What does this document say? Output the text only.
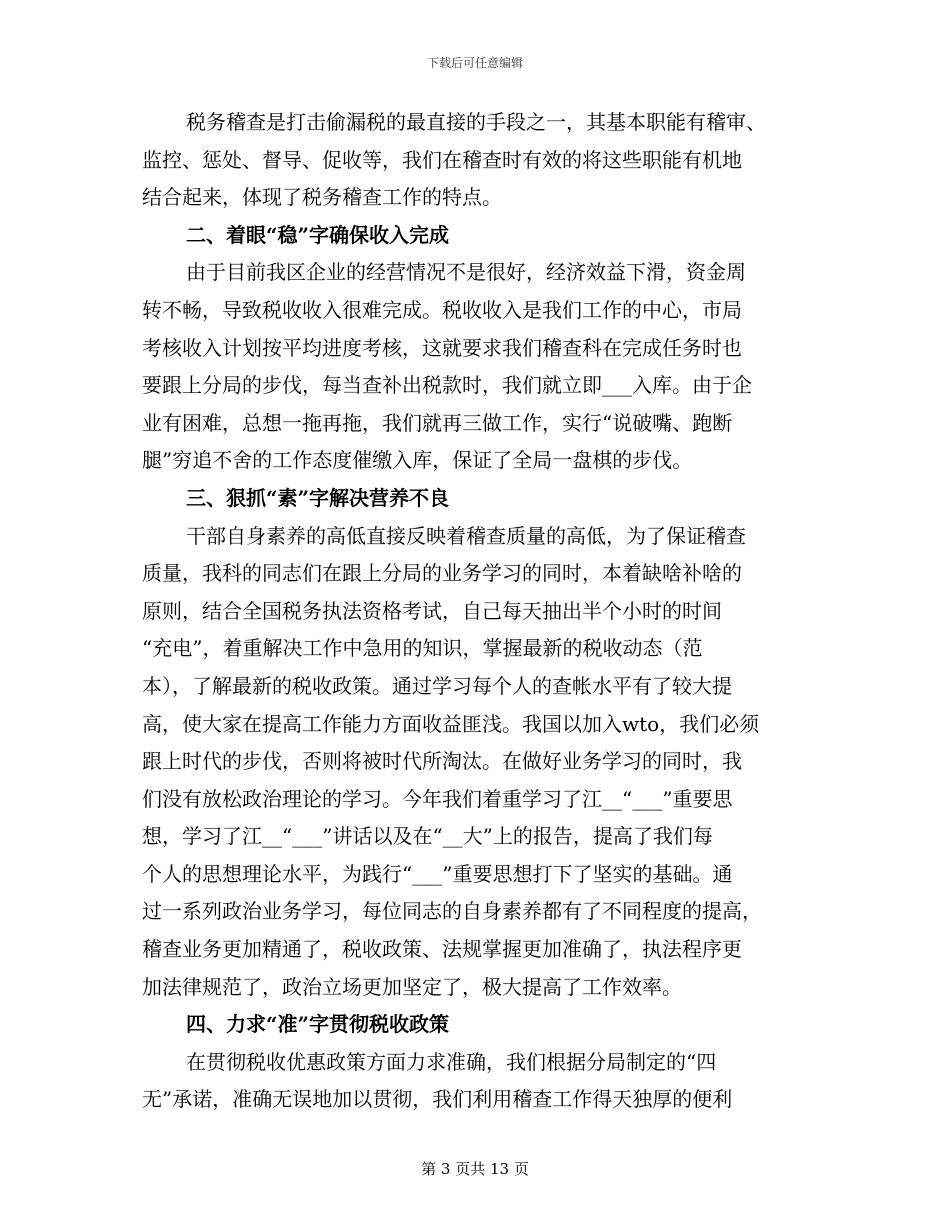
下载后可任意编辑
税务稽查是打击偷漏税的最直接的手段之一，其基本职能有稽审、
监控、惩处、督导、促收等，我们在稽查时有效的将这些职能有机地
结合起来，体现了税务稽查工作的特点。
二、着眼“稳”字确保收入完成
由于目前我区企业的经营情况不是很好，经济效益下滑，资金周
转不畅，导致税收收入很难完成。税收收入是我们工作的中心，市局
考核收入计划按平均进度考核，这就要求我们稽查科在完成任务时也
要跟上分局的步伐，每当查补出税款时，我们就立即___入库。由于企
业有困难，总想一拖再拖，我们就再三做工作，实行“说破嘴、跑断
腿”穷追不舍的工作态度催缴入库，保证了全局一盘棋的步伐。
三、狠抓“素”字解决营养不良
干部自身素养的高低直接反映着稽查质量的高低，为了保证稽查
质量，我科的同志们在跟上分局的业务学习的同时，本着缺啥补啥的
原则，结合全国税务执法资格考试，自己每天抽出半个小时的时间
“充电”，着重解决工作中急用的知识，掌握最新的税收动态（范
本），了解最新的税收政策。通过学习每个人的查帐水平有了较大提
高，使大家在提高工作能力方面收益匪浅。我国以加入wto，我们必须
跟上时代的步伐，否则将被时代所淘汰。在做好业务学习的同时，我
们没有放松政治理论的学习。今年我们着重学习了江__“___”重要思
想，学习了江__“___”讲话以及在“__大”上的报告，提高了我们每
个人的思想理论水平，为践行“___”重要思想打下了坚实的基础。通
过一系列政治业务学习，每位同志的自身素养都有了不同程度的提高，
稽查业务更加精通了，税收政策、法规掌握更加准确了，执法程序更
加法律规范了，政治立场更加坚定了，极大提高了工作效率。
四、力求“准”字贯彻税收政策
在贯彻税收优惠政策方面力求准确，我们根据分局制定的“四
无”承诺，准确无误地加以贯彻，我们利用稽查工作得天独厚的便利
第 3 页共 13 页
